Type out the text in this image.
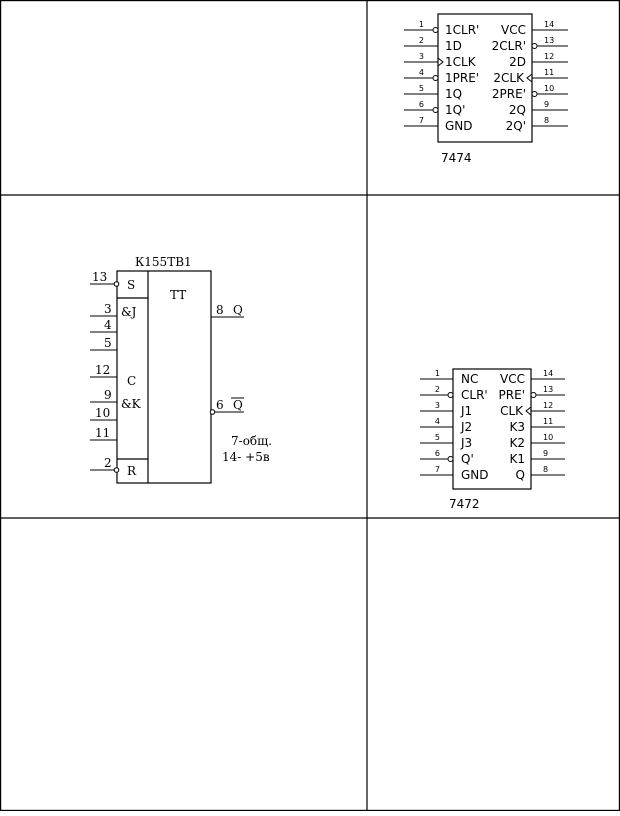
1
2
3
4
5
6
7
14
13
12
11
10
9
8
1CLR'
1D
1CLK
1PRE'
1Q
1Q'
GND
VCC
2CLR'
2D
2CLK
2PRE'
2Q
2Q'
7474
К155ТВ1
13
3
4
5
12
9
10
11
2
S
&J
C
&K
R
TT
8 Q
6 Q
7-общ.
14- +5в
1
2
3
4
5
6
7
14
13
12
11
10
9
8
NC
CLR'
J1
J2
J3
Q'
GND
VCC
PRE'
CLK
K3
K2
K1
Q
7472
